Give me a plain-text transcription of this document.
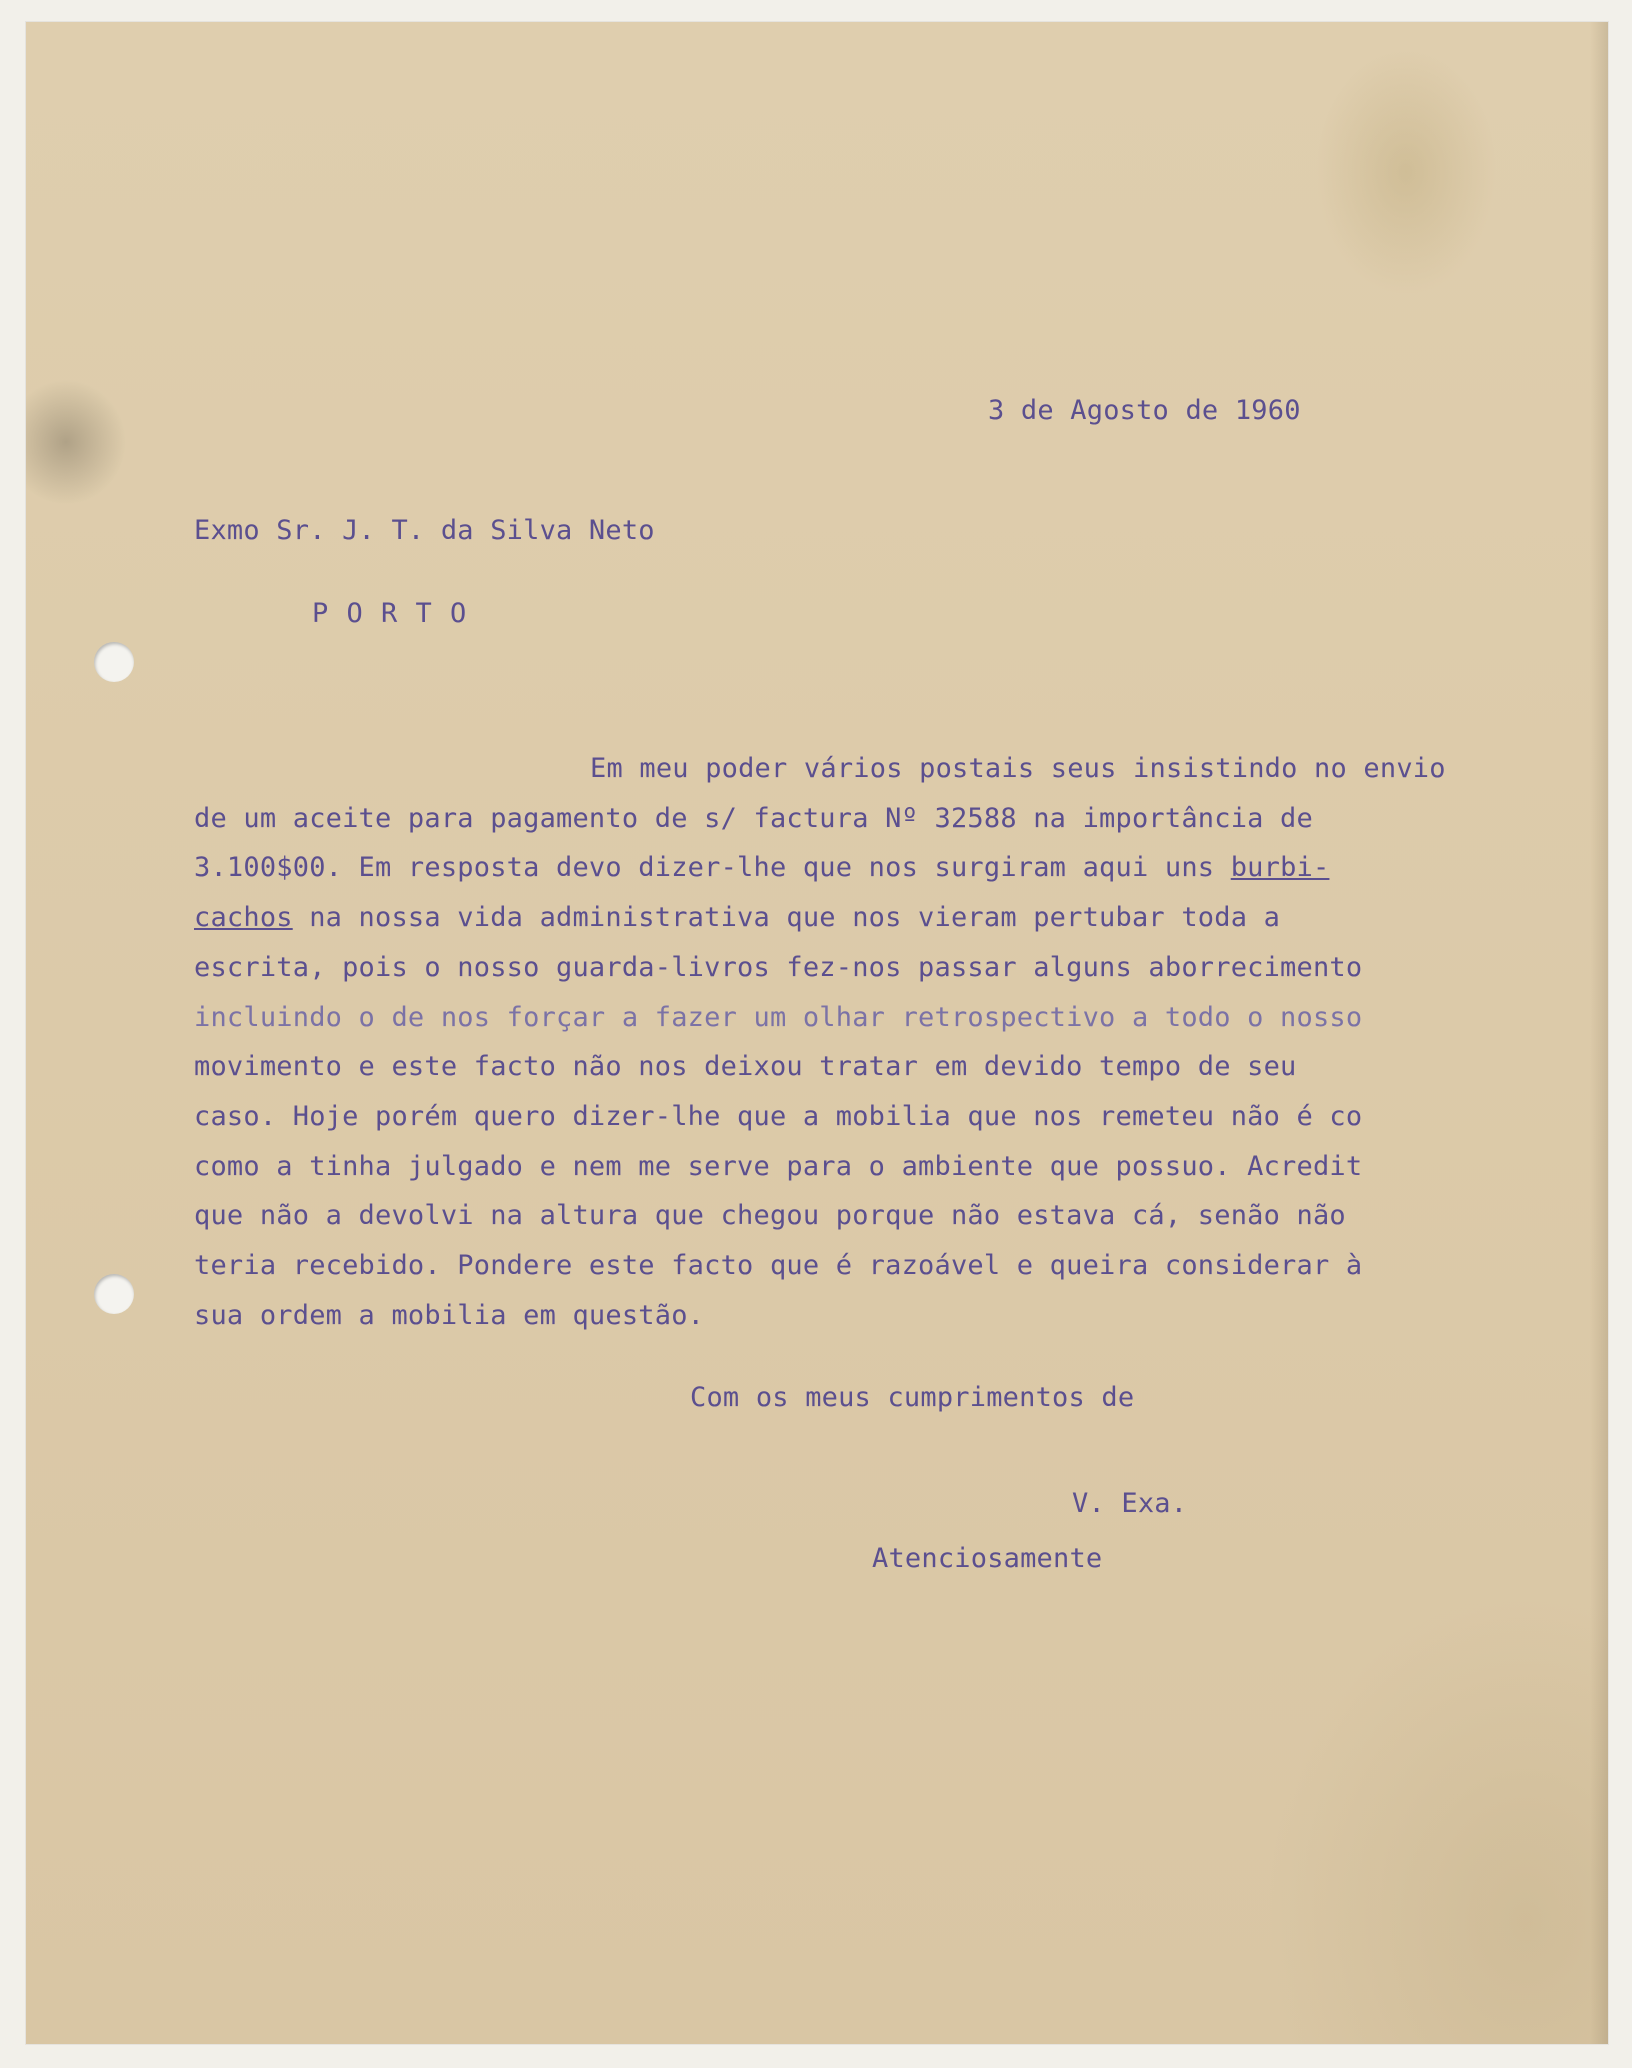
3 de Agosto de 1960
Exmo Sr. J. T. da Silva Neto
P O R T O
Em meu poder vários postais seus insistindo no envio
de um aceite para pagamento de s/ factura Nº 32588 na importância de
3.100$00. Em resposta devo dizer-lhe que nos surgiram aqui uns burbi-
cachos na nossa vida administrativa que nos vieram pertubar toda a
escrita, pois o nosso guarda-livros fez-nos passar alguns aborrecimento
incluindo o de nos forçar a fazer um olhar retrospectivo a todo o nosso
movimento e este facto não nos deixou tratar em devido tempo de seu
caso. Hoje porém quero dizer-lhe que a mobilia que nos remeteu não é co
como a tinha julgado e nem me serve para o ambiente que possuo. Acredit
que não a devolvi na altura que chegou porque não estava cá, senão não
teria recebido. Pondere este facto que é razoável e queira considerar à
sua ordem a mobilia em questão.
Com os meus cumprimentos de
V. Exa.
Atenciosamente
